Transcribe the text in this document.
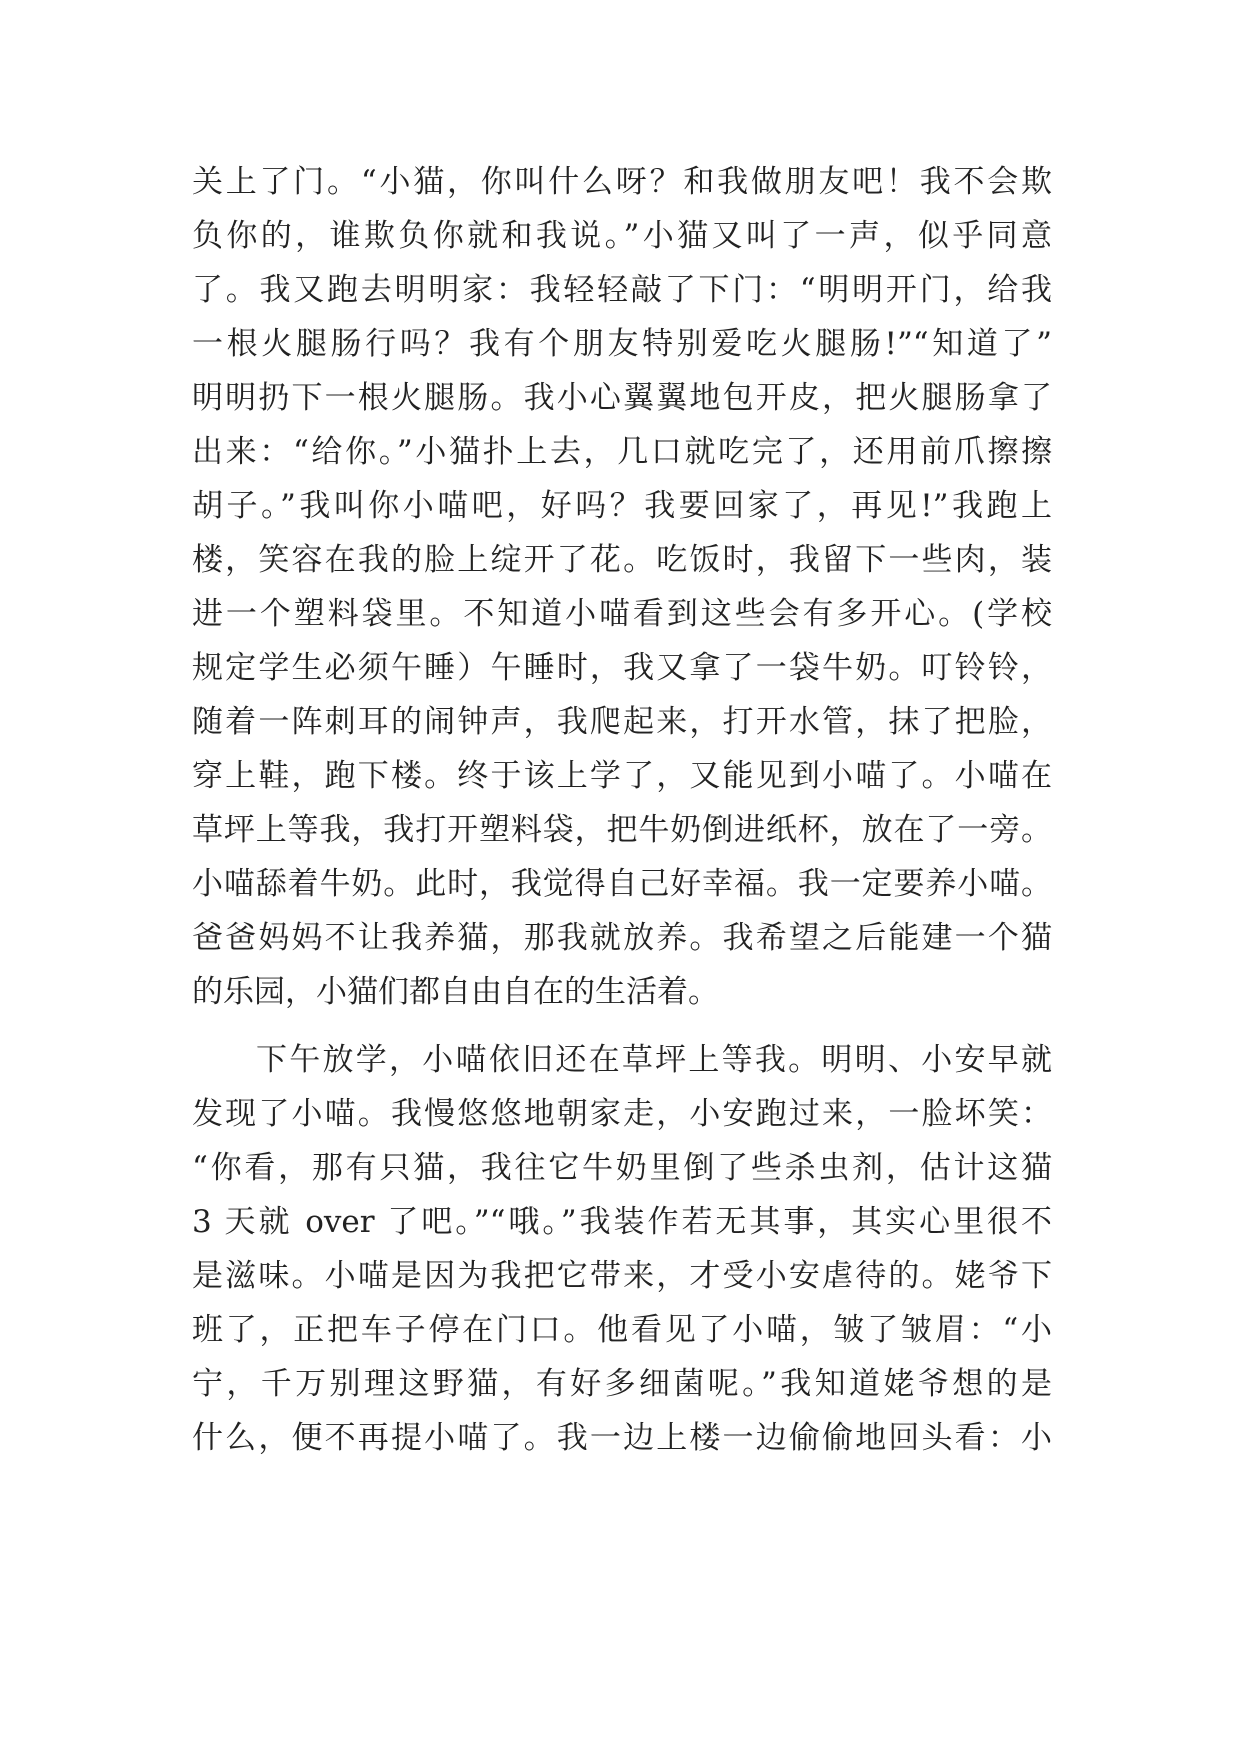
关上了门。“小猫，你叫什么呀？和我做朋友吧！我不会欺
负你的，谁欺负你就和我说。”小猫又叫了一声，似乎同意
了。我又跑去明明家：我轻轻敲了下门：“明明开门，给我
一根火腿肠行吗？我有个朋友特别爱吃火腿肠!”“知道了”
明明扔下一根火腿肠。我小心翼翼地包开皮，把火腿肠拿了
出来：“给你。”小猫扑上去，几口就吃完了，还用前爪擦擦
胡子。”我叫你小喵吧，好吗？我要回家了，再见!”我跑上
楼，笑容在我的脸上绽开了花。吃饭时，我留下一些肉，装
进一个塑料袋里。不知道小喵看到这些会有多开心。(学校
规定学生必须午睡）午睡时，我又拿了一袋牛奶。叮铃铃，
随着一阵刺耳的闹钟声，我爬起来，打开水管，抹了把脸，
穿上鞋，跑下楼。终于该上学了，又能见到小喵了。小喵在
草坪上等我，我打开塑料袋，把牛奶倒进纸杯，放在了一旁。
小喵舔着牛奶。此时，我觉得自己好幸福。我一定要养小喵。
爸爸妈妈不让我养猫，那我就放养。我希望之后能建一个猫
的乐园，小猫们都自由自在的生活着。
下午放学，小喵依旧还在草坪上等我。明明、小安早就
发现了小喵。我慢悠悠地朝家走，小安跑过来，一脸坏笑：
“你看，那有只猫，我往它牛奶里倒了些杀虫剂，估计这猫
3 天就 over 了吧。”“哦。”我装作若无其事，其实心里很不
是滋味。小喵是因为我把它带来，才受小安虐待的。姥爷下
班了，正把车子停在门口。他看见了小喵，皱了皱眉：“小
宁，千万别理这野猫，有好多细菌呢。”我知道姥爷想的是
什么，便不再提小喵了。我一边上楼一边偷偷地回头看：小
